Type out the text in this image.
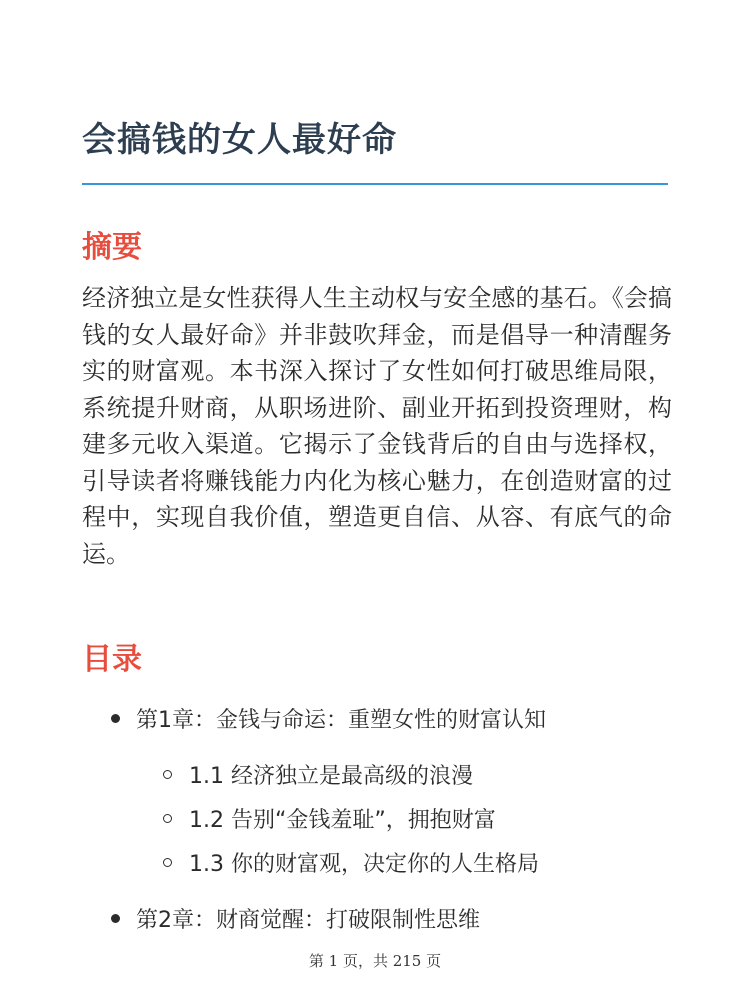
会搞钱的女人最好命
摘要

经济独立是女性获得人生主动权与安全感的基石。《会搞钱的女人最好命》并非鼓吹拜金，而是倡导一种清醒务实的财富观。本书深入探讨了女性如何打破思维局限，系统提升财商，从职场进阶、副业开拓到投资理财，构建多元收入渠道。它揭示了金钱背后的自由与选择权，引导读者将赚钱能力内化为核心魅力，在创造财富的过程中，实现自我价值，塑造更自信、从容、有底气的命运。

目录
第1章：金钱与命运：重塑女性的财富认知
1.1 经济独立是最高级的浪漫
1.2 告别“金钱羞耻”，拥抱财富
1.3 你的财富观，决定你的人生格局
第2章：财商觉醒：打破限制性思维
第 1 页，共 215 页
